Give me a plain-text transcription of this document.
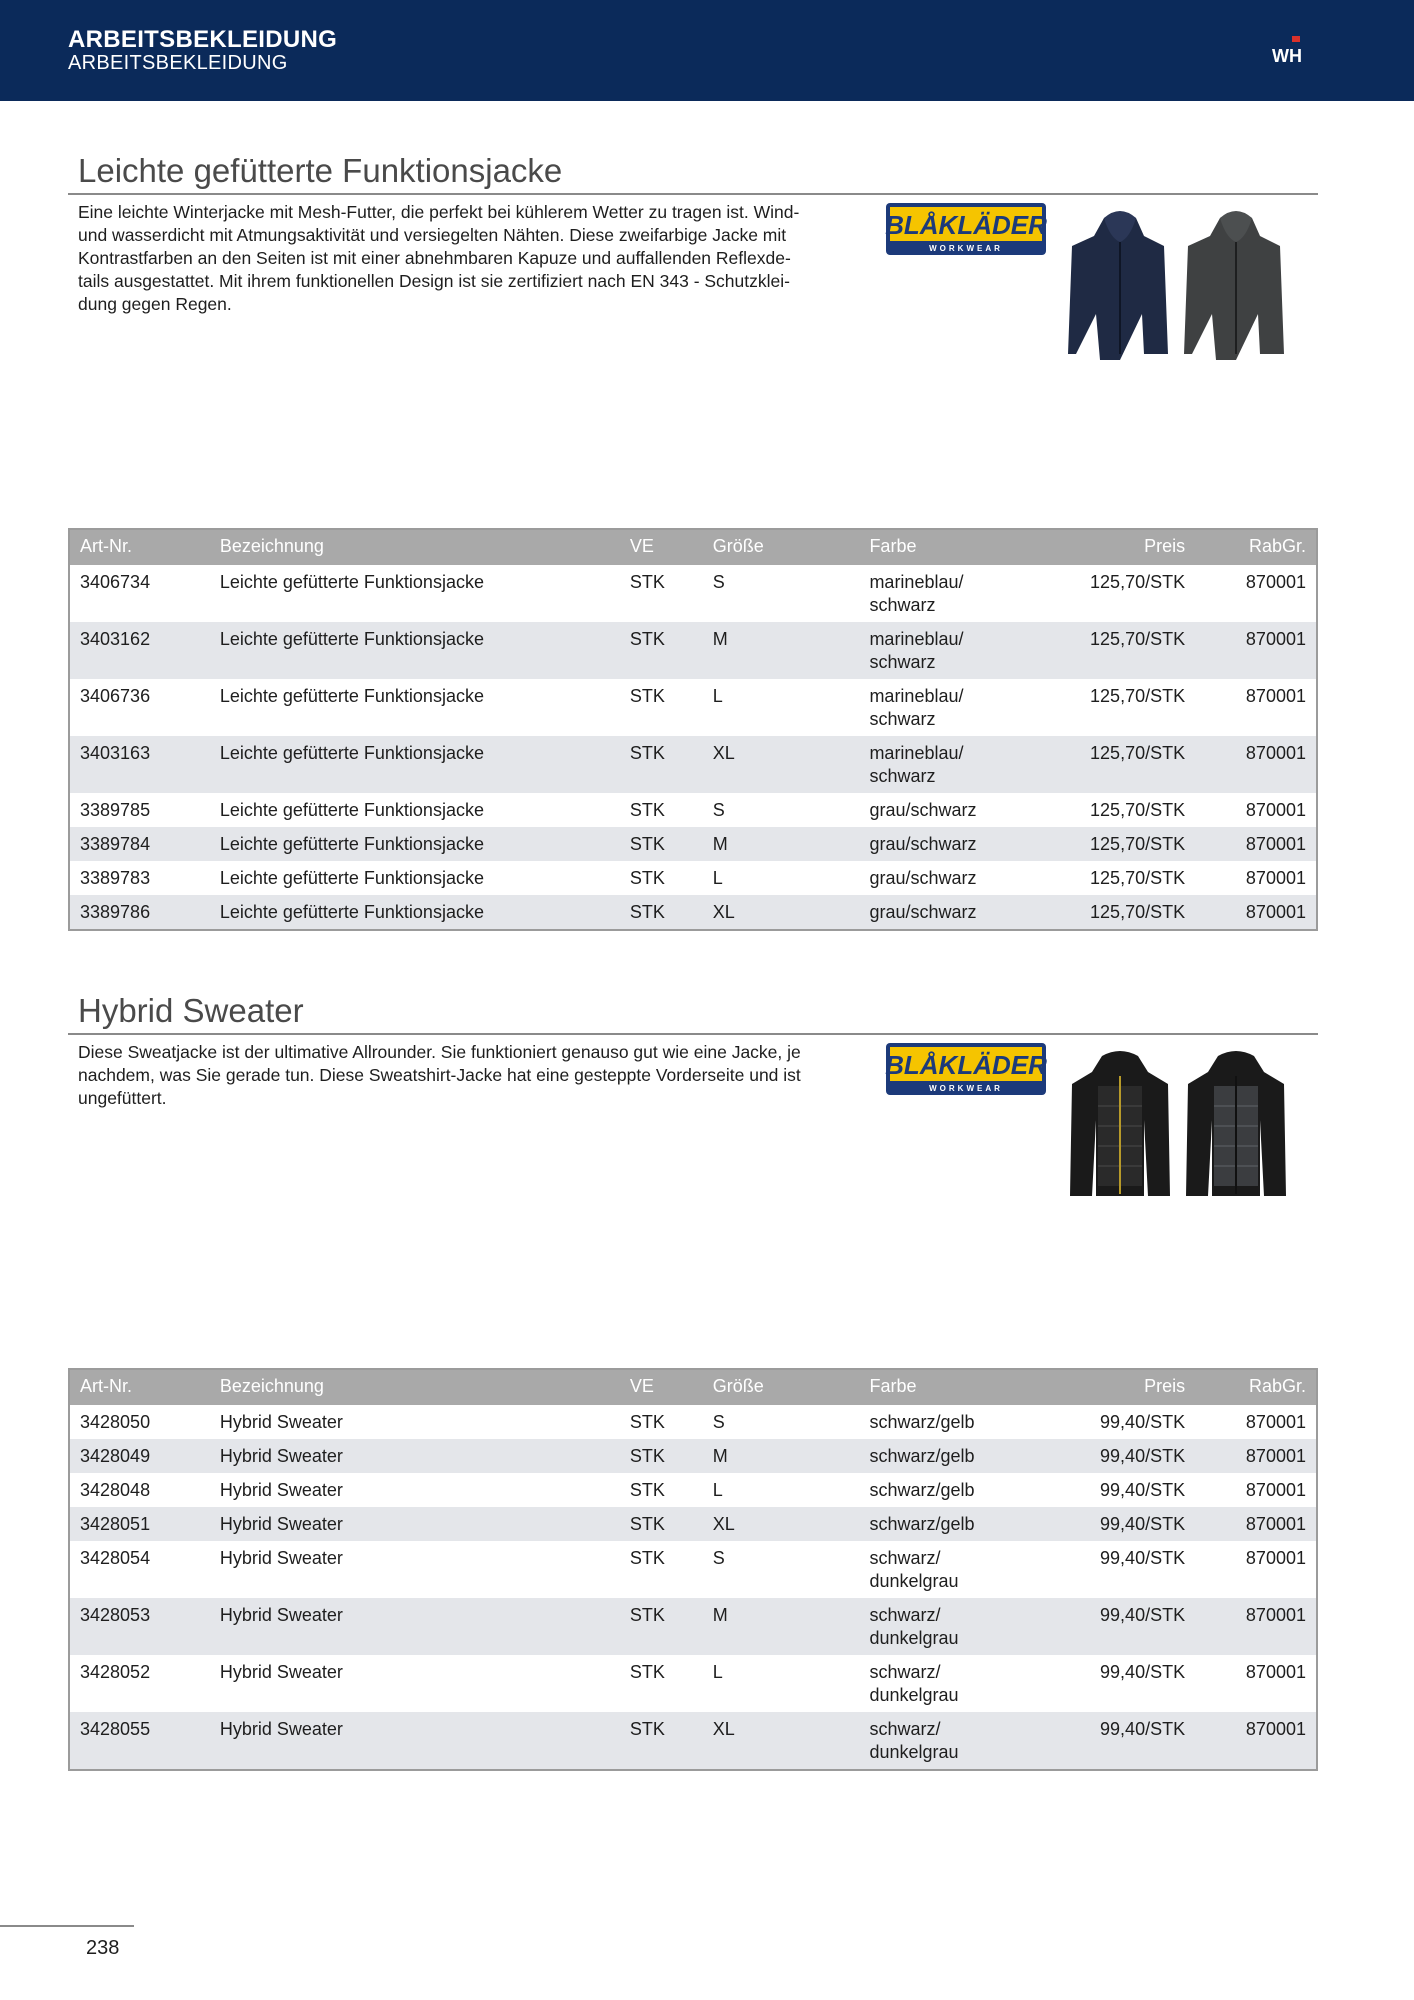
ARBEITSBEKLEIDUNG
ARBEITSBEKLEIDUNG	WH
Leichte gefütterte Funktionsjacke
Eine leichte Winterjacke mit Mesh-Futter, die perfekt bei kühlerem Wetter zu tragen ist. Wind-
und wasserdicht mit Atmungsaktivität und versiegelten Nähten. Diese zweifarbige Jacke mit
Kontrastfarben an den Seiten ist mit einer abnehmbaren Kapuze und auffallenden Reflexde-
tails ausgestattet. Mit ihrem funktionellen Design ist sie zertifiziert nach EN 343 - Schutzklei-
dung gegen Regen.
BLÅKLÄDER
WORKWEAR
Art-Nr.	Bezeichnung	VE	Größe	Farbe	Preis	RabGr.
3406734	Leichte gefütterte Funktionsjacke	STK	S	marineblau/
schwarz	125,70/STK	870001
3403162	Leichte gefütterte Funktionsjacke	STK	M	marineblau/
schwarz	125,70/STK	870001
3406736	Leichte gefütterte Funktionsjacke	STK	L	marineblau/
schwarz	125,70/STK	870001
3403163	Leichte gefütterte Funktionsjacke	STK	XL	marineblau/
schwarz	125,70/STK	870001
3389785	Leichte gefütterte Funktionsjacke	STK	S	grau/schwarz	125,70/STK	870001
3389784	Leichte gefütterte Funktionsjacke	STK	M	grau/schwarz	125,70/STK	870001
3389783	Leichte gefütterte Funktionsjacke	STK	L	grau/schwarz	125,70/STK	870001
3389786	Leichte gefütterte Funktionsjacke	STK	XL	grau/schwarz	125,70/STK	870001
Hybrid Sweater
Diese Sweatjacke ist der ultimative Allrounder. Sie funktioniert genauso gut wie eine Jacke, je
nachdem, was Sie gerade tun. Diese Sweatshirt-Jacke hat eine gesteppte Vorderseite und ist
ungefüttert.
BLÅKLÄDER
WORKWEAR
Art-Nr.	Bezeichnung	VE	Größe	Farbe	Preis	RabGr.
3428050	Hybrid Sweater	STK	S	schwarz/gelb	99,40/STK	870001
3428049	Hybrid Sweater	STK	M	schwarz/gelb	99,40/STK	870001
3428048	Hybrid Sweater	STK	L	schwarz/gelb	99,40/STK	870001
3428051	Hybrid Sweater	STK	XL	schwarz/gelb	99,40/STK	870001
3428054	Hybrid Sweater	STK	S	schwarz/
dunkelgrau	99,40/STK	870001
3428053	Hybrid Sweater	STK	M	schwarz/
dunkelgrau	99,40/STK	870001
3428052	Hybrid Sweater	STK	L	schwarz/
dunkelgrau	99,40/STK	870001
3428055	Hybrid Sweater	STK	XL	schwarz/
dunkelgrau	99,40/STK	870001
238
